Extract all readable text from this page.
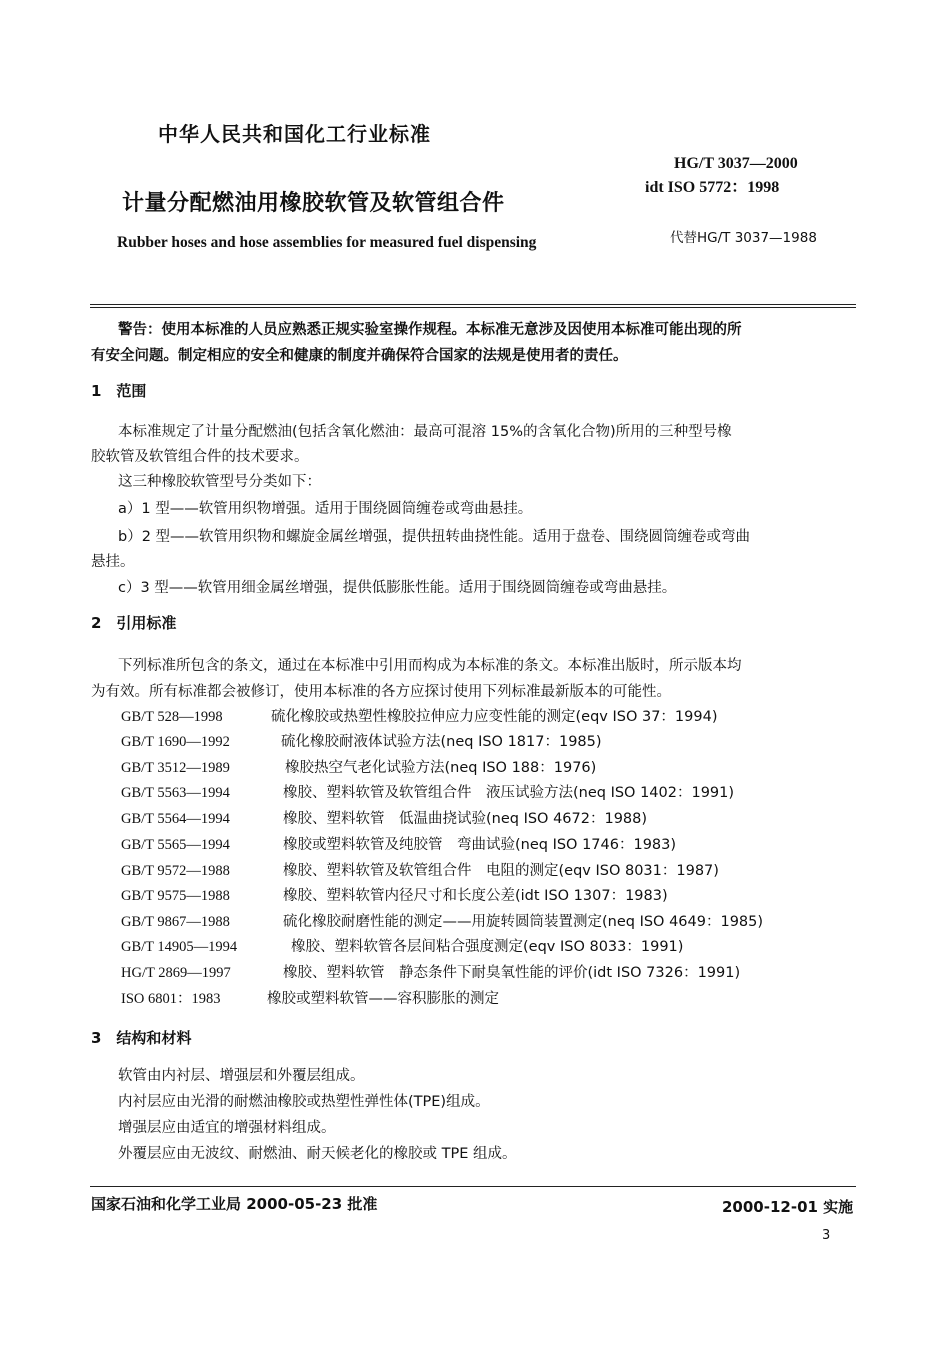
中华人民共和国化工行业标准
HG/T 3037—2000
idt ISO 5772：1998
计量分配燃油用橡胶软管及软管组合件
代替HG/T 3037—1988
Rubber hoses and hose assemblies for measured fuel dispensing
警告：使用本标准的人员应熟悉正规实验室操作规程。本标准无意涉及因使用本标准可能出现的所
有安全问题。制定相应的安全和健康的制度并确保符合国家的法规是使用者的责任。
1　范围
本标准规定了计量分配燃油(包括含氧化燃油：最高可混溶 15%的含氧化合物)所用的三种型号橡
胶软管及软管组合件的技术要求。
这三种橡胶软管型号分类如下：
a）1 型——软管用织物增强。适用于围绕圆筒缠卷或弯曲悬挂。
b）2 型——软管用织物和螺旋金属丝增强，提供扭转曲挠性能。适用于盘卷、围绕圆筒缠卷或弯曲
悬挂。
c）3 型——软管用细金属丝增强，提供低膨胀性能。适用于围绕圆筒缠卷或弯曲悬挂。
2　引用标准
下列标准所包含的条文，通过在本标准中引用而构成为本标准的条文。本标准出版时，所示版本均
为有效。所有标准都会被修订，使用本标准的各方应探讨使用下列标准最新版本的可能性。
GB/T 528—1998	硫化橡胶或热塑性橡胶拉伸应力应变性能的测定(eqv ISO 37：1994)
GB/T 1690—1992	硫化橡胶耐液体试验方法(neq ISO 1817：1985)
GB/T 3512—1989	橡胶热空气老化试验方法(neq ISO 188：1976)
GB/T 5563—1994	橡胶、塑料软管及软管组合件　液压试验方法(neq ISO 1402：1991)
GB/T 5564—1994	橡胶、塑料软管　低温曲挠试验(neq ISO 4672：1988)
GB/T 5565—1994	橡胶或塑料软管及纯胶管　弯曲试验(neq ISO 1746：1983)
GB/T 9572—1988	橡胶、塑料软管及软管组合件　电阻的测定(eqv ISO 8031：1987)
GB/T 9575—1988	橡胶、塑料软管内径尺寸和长度公差(idt ISO 1307：1983)
GB/T 9867—1988	硫化橡胶耐磨性能的测定——用旋转圆筒装置测定(neq ISO 4649：1985)
GB/T 14905—1994	橡胶、塑料软管各层间粘合强度测定(eqv ISO 8033：1991)
HG/T 2869—1997	橡胶、塑料软管　静态条件下耐臭氧性能的评价(idt ISO 7326：1991)
ISO 6801：1983	橡胶或塑料软管——容积膨胀的测定
3　结构和材料
软管由内衬层、增强层和外覆层组成。
内衬层应由光滑的耐燃油橡胶或热塑性弹性体(TPE)组成。
增强层应由适宜的增强材料组成。
外覆层应由无波纹、耐燃油、耐天候老化的橡胶或 TPE 组成。
国家石油和化学工业局 2000-05-23 批准	2000-12-01 实施
3
